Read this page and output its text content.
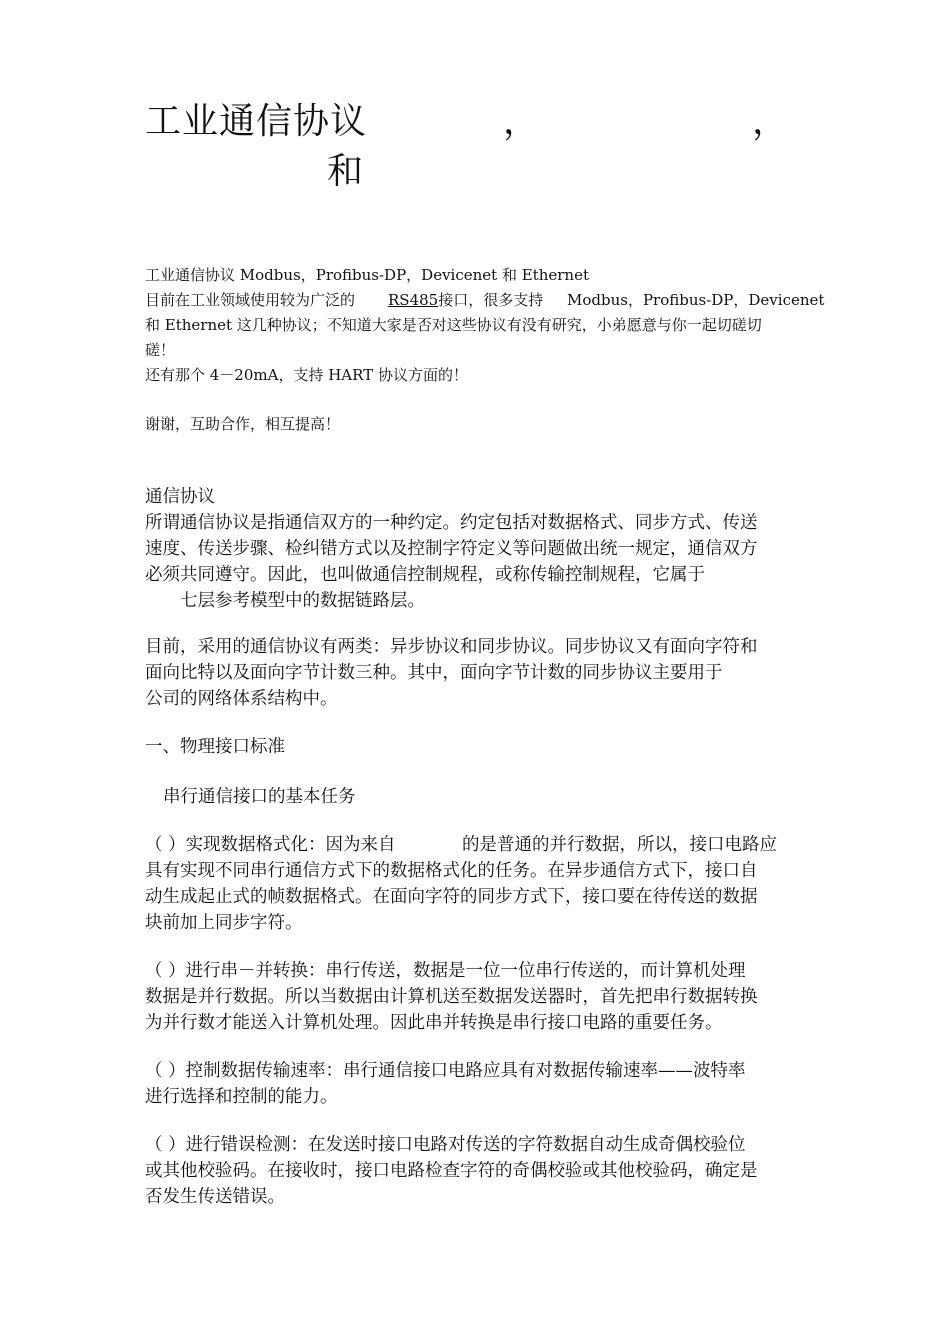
工业通信协议	，	，
和
工业通信协议 Modbus，Profibus-DP，Devicenet 和 Ethernet
目前在工业领域使用较为广泛的 RS485接口，很多支持 Modbus，Profibus-DP，Devicenet
和 Ethernet 这几种协议；不知道大家是否对这些协议有没有研究，小弟愿意与你一起切磋切
磋！
还有那个 4－20mA，支持 HART 协议方面的！
谢谢，互助合作，相互提高！
通信协议
所谓通信协议是指通信双方的一种约定。约定包括对数据格式、同步方式、传送
速度、传送步骤、检纠错方式以及控制字符定义等问题做出统一规定，通信双方
必须共同遵守。因此，也叫做通信控制规程，或称传输控制规程，它属于
七层参考模型中的数据链路层。
目前，采用的通信协议有两类：异步协议和同步协议。同步协议又有面向字符和
面向比特以及面向字节计数三种。其中，面向字节计数的同步协议主要用于
公司的网络体系结构中。
一、物理接口标准
串行通信接口的基本任务
（ ）实现数据格式化：因为来自	的是普通的并行数据，所以，接口电路应
具有实现不同串行通信方式下的数据格式化的任务。在异步通信方式下，接口自
动生成起止式的帧数据格式。在面向字符的同步方式下，接口要在待传送的数据
块前加上同步字符。
（ ）进行串－并转换：串行传送，数据是一位一位串行传送的，而计算机处理
数据是并行数据。所以当数据由计算机送至数据发送器时，首先把串行数据转换
为并行数才能送入计算机处理。因此串并转换是串行接口电路的重要任务。
（ ）控制数据传输速率：串行通信接口电路应具有对数据传输速率——波特率
进行选择和控制的能力。
（ ）进行错误检测：在发送时接口电路对传送的字符数据自动生成奇偶校验位
或其他校验码。在接收时，接口电路检查字符的奇偶校验或其他校验码，确定是
否发生传送错误。
